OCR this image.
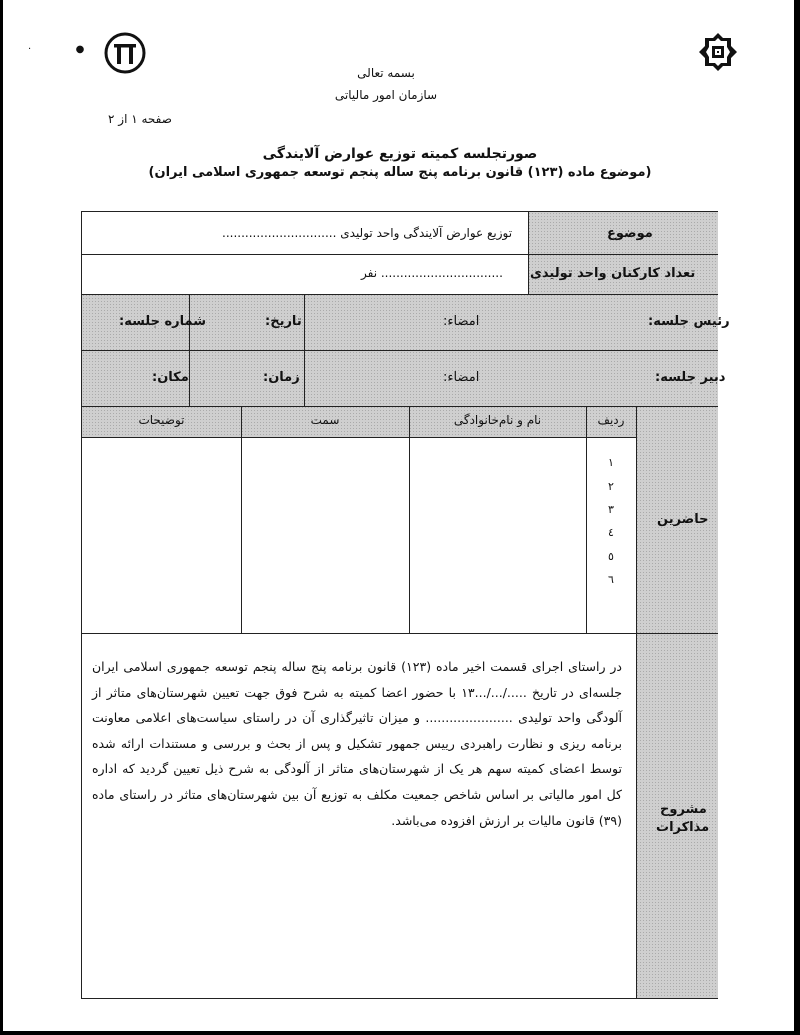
·              ●
بسمه تعالی
سازمان امور مالیاتی
صفحه ۱ از ۲
صورتجلسه کمیته توزیع عوارض آلایندگی
(موضوع ماده (۱۲۳) قانون برنامه پنج ساله پنجم توسعه جمهوری اسلامی ایران)
موضوع
توزیع عوارض آلایندگی واحد تولیدی ..............................
تعداد کارکنان واحد تولیدی
................................ نفر
رئیس جلسه:
امضاء:
تاریخ:
شماره جلسه:
دبیر جلسه:
امضاء:
زمان:
مکان:
ردیف
نام و نام‌خانوادگی
سمت
توضیحات
حاضرین
۱
۲
۳
٤
٥
٦
مشروح
مذاکرات
در راستای اجرای قسمت اخیر ماده (۱۲۳) قانون برنامه پنج ساله پنجم توسعه جمهوری اسلامی ایران جلسه‌ای در تاریخ ...../.../...۱۳ با حضور اعضا کمیته به شرح فوق جهت تعیین شهرستان‌های متاثر از آلودگی واحد تولیدی ...................... و میزان تاثیرگذاری آن در راستای سیاست‌های اعلامی معاونت برنامه ریزی و نظارت راهبردی رییس جمهور تشکیل و پس از بحث و بررسی و مستندات ارائه شده توسط اعضای کمیته سهم هر یک از شهرستان‌های متاثر از آلودگی به شرح ذیل تعیین گردید که اداره کل امور مالیاتی بر اساس شاخص جمعیت مکلف به توزیع آن بین شهرستان‌های متاثر در راستای ماده (۳۹) قانون مالیات بر ارزش افزوده می‌باشد.
